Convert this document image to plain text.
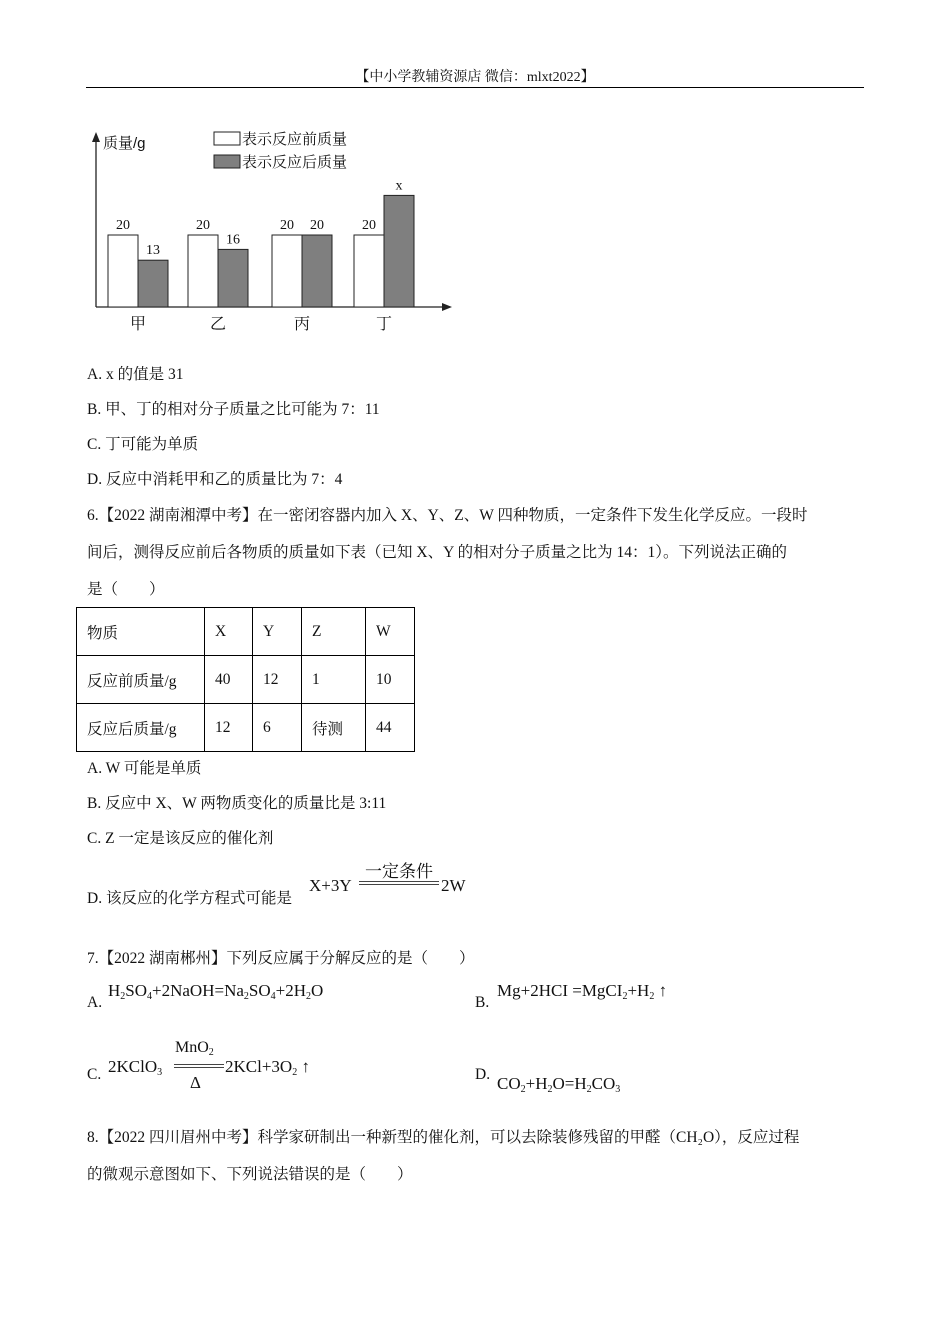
【中小学教辅资源店 微信：mlxt2022】
质量/g	表示反应前质量
表示反应后质量
20
13
甲
20
16
乙
20 20
丙
20
x
丁
A. x 的值是 31
B. 甲、丁的相对分子质量之比可能为 7：11
C. 丁可能为单质
D. 反应中消耗甲和乙的质量比为 7：4
6.【2022 湖南湘潭中考】在一密闭容器内加入 X、Y、Z、W 四种物质，一定条件下发生化学反应。一段时
间后，测得反应前后各物质的质量如下表（已知 X、Y 的相对分子质量之比为 14：1）。下列说法正确的
是（　　）
物质	X	Y	Z	W
反应前质量/g	40	12	1	10
反应后质量/g	12	6	待测	44
A. W 可能是单质
B. 反应中 X、W 两物质变化的质量比是 3:11
C. Z 一定是该反应的催化剂
D. 该反应的化学方程式可能是
X+3Y
一定条件
2W
7.【2022 湖南郴州】下列反应属于分解反应的是（　　）
A.
$H_2SO_4+2NaOH=Na_2SO_4+2H_2O$
B.
$Mg+2HCI =MgCI_2+H_2$ ↑
C. 2KClO$_3$
MnO$_2$
Δ
$2KCl+3O_2$ ↑	D. $CO_2+H_2O=H_2CO_3$
8.【2022 四川眉州中考】科学家研制出一种新型的催化剂，可以去除装修残留的甲醛（CH₂O），反应过程
的微观示意图如下、下列说法错误的是（　　）
